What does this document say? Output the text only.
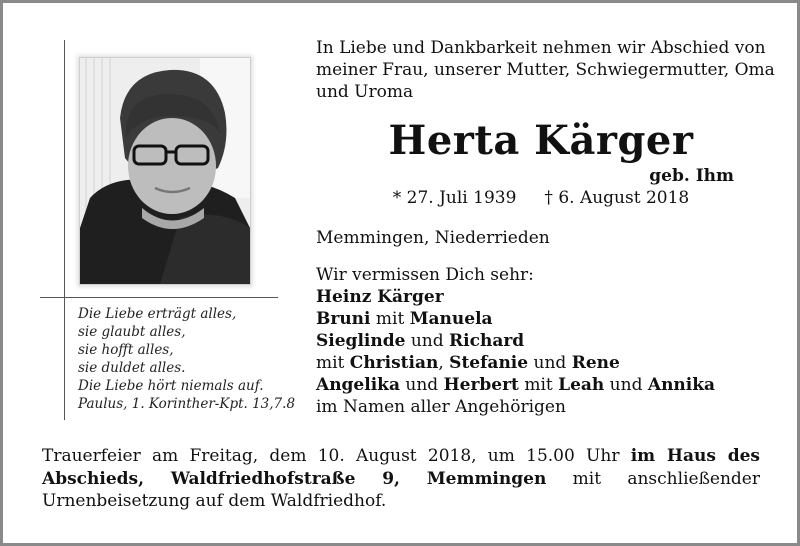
In Liebe und Dankbarkeit nehmen wir Abschied von meiner Frau, unserer Mutter, Schwiegermutter, Oma und Uroma
Herta Kärger
geb. Ihm
* 27. Juli 1939 † 6. August 2018
Memmingen, Niederrieden
Wir vermissen Dich sehr:
Heinz Kärger
Bruni mit Manuela
Sieglinde und Richard
mit Christian, Stefanie und Rene
Angelika und Herbert mit Leah und Annika
im Namen aller Angehörigen
Die Liebe erträgt alles,
sie glaubt alles,
sie hofft alles,
sie duldet alles.
Die Liebe hört niemals auf.
Paulus, 1. Korinther-Kpt. 13,7.8
Trauerfeier am Freitag, dem 10. August 2018, um 15.00 Uhr im Haus des Abschieds, Waldfriedhofstraße 9, Memmingen mit anschließender Urnenbeisetzung auf dem Waldfriedhof.
